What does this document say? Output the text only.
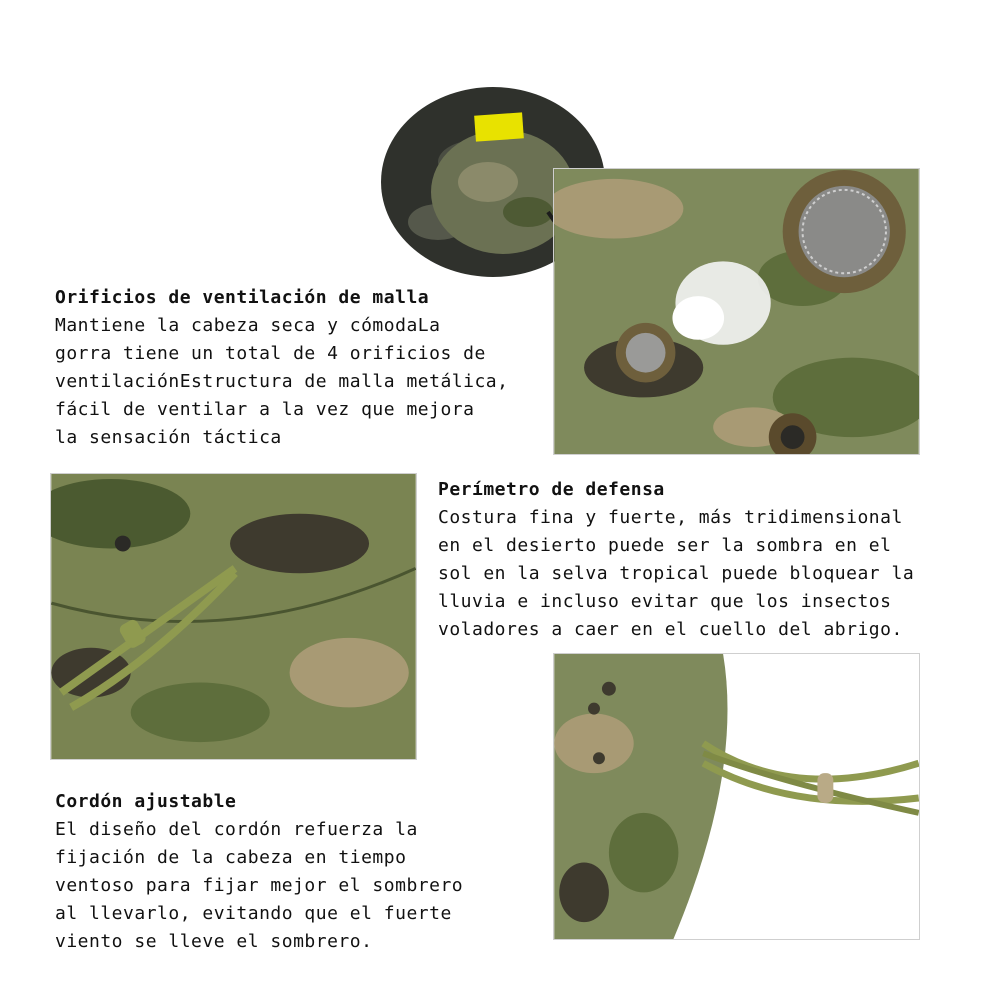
Orificios de ventilación de malla
Mantiene la cabeza seca y cómodaLa
gorra tiene un total de 4 orificios de
ventilaciónEstructura de malla metálica,
fácil de ventilar a la vez que mejora
la sensación táctica
Perímetro de defensa
Costura fina y fuerte, más tridimensional
en el desierto puede ser la sombra en el
sol en la selva tropical puede bloquear la
lluvia e incluso evitar que los insectos
voladores a caer en el cuello del abrigo.
Cordón ajustable
El diseño del cordón refuerza la
fijación de la cabeza en tiempo
ventoso para fijar mejor el sombrero
al llevarlo, evitando que el fuerte
viento se lleve el sombrero.
